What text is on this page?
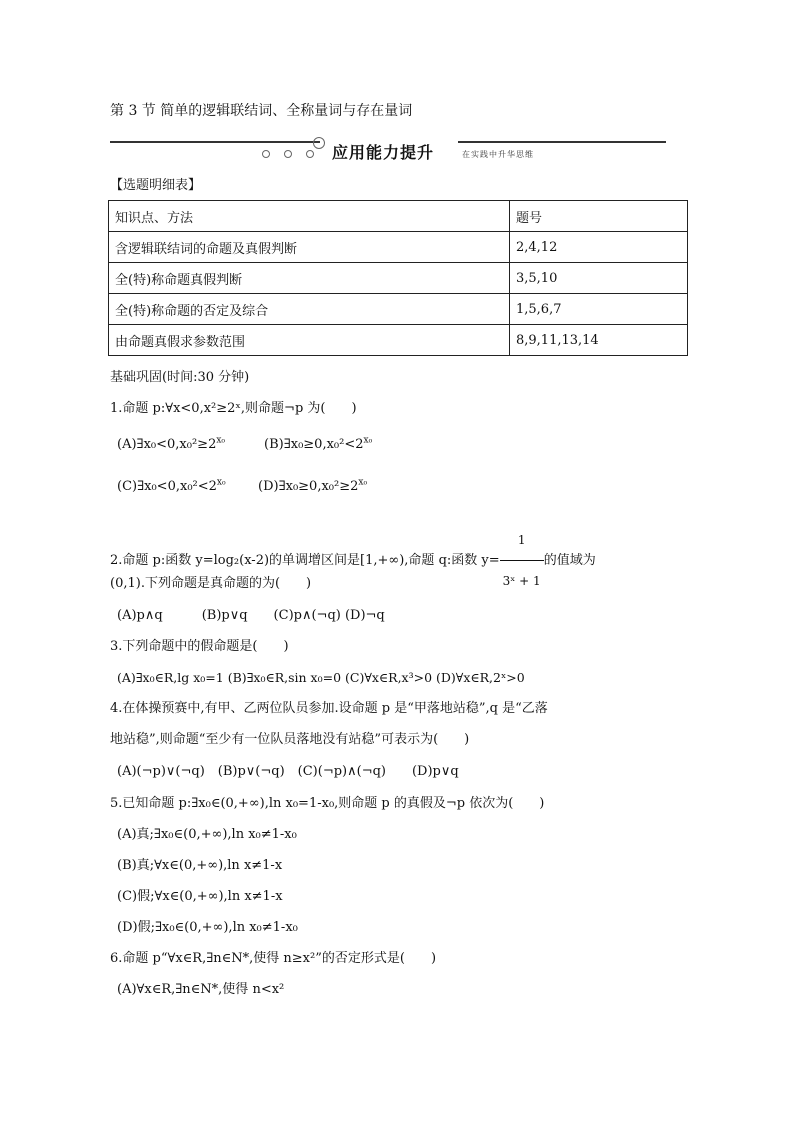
第 3 节 简单的逻辑联结词、全称量词与存在量词
应用能力提升	在实践中升华思维
【选题明细表】
知识点、方法	题号
含逻辑联结词的命题及真假判断	2,4,12
全(特)称命题真假判断	3,5,10
全(特)称命题的否定及综合	1,5,6,7
由命题真假求参数范围	8,9,11,13,14
基础巩固(时间:30 分钟)
1.命题 p:∀x<0,x²≥2ˣ,则命题¬p 为(　　)
$(A)\exists x_0<0,x_0^2\ge 2^{x_0}$	$(B)\exists x_0\ge 0,x_0^2<2^{x_0}$
$(C)\exists x_0<0,x_0^2<2^{x_0}$ $(D)\exists x_0\ge 0,x_0^2\ge 2^{x_0}$
2.命题 p:函数 y=log₂(x-2)的单调增区间是[1,+∞),命题 q:函数 $y= \frac{1}{\text{3ˣ + 1}}$ 的值域为
(0,1).下列命题是真命题的为(　　)
(A)p∧q　　　(B)p∨q　　(C)p∧(¬q) (D)¬q
3.下列命题中的假命题是(　　)
(A)∃x₀∈R,lg x₀=1 (B)∃x₀∈R,sin x₀=0 (C)∀x∈R,x³>0 (D)∀x∈R,2ˣ>0
4.在体操预赛中,有甲、乙两位队员参加.设命题 p 是“甲落地站稳”,q 是“乙落
地站稳”,则命题“至少有一位队员落地没有站稳”可表示为(　　)
(A)(¬p)∨(¬q)　(B)p∨(¬q)　(C)(¬p)∧(¬q)　　(D)p∨q
5.已知命题 p:∃x₀∈(0,+∞),ln x₀=1-x₀,则命题 p 的真假及¬p 依次为(　　)
(A)真;∃x₀∈(0,+∞),ln x₀≠1-x₀
(B)真;∀x∈(0,+∞),ln x≠1-x
(C)假;∀x∈(0,+∞),ln x≠1-x
(D)假;∃x₀∈(0,+∞),ln x₀≠1-x₀
6.命题 p“∀x∈R,∃n∈N*,使得 n≥x²”的否定形式是(　　)
(A)∀x∈R,∃n∈N*,使得 n<x²
